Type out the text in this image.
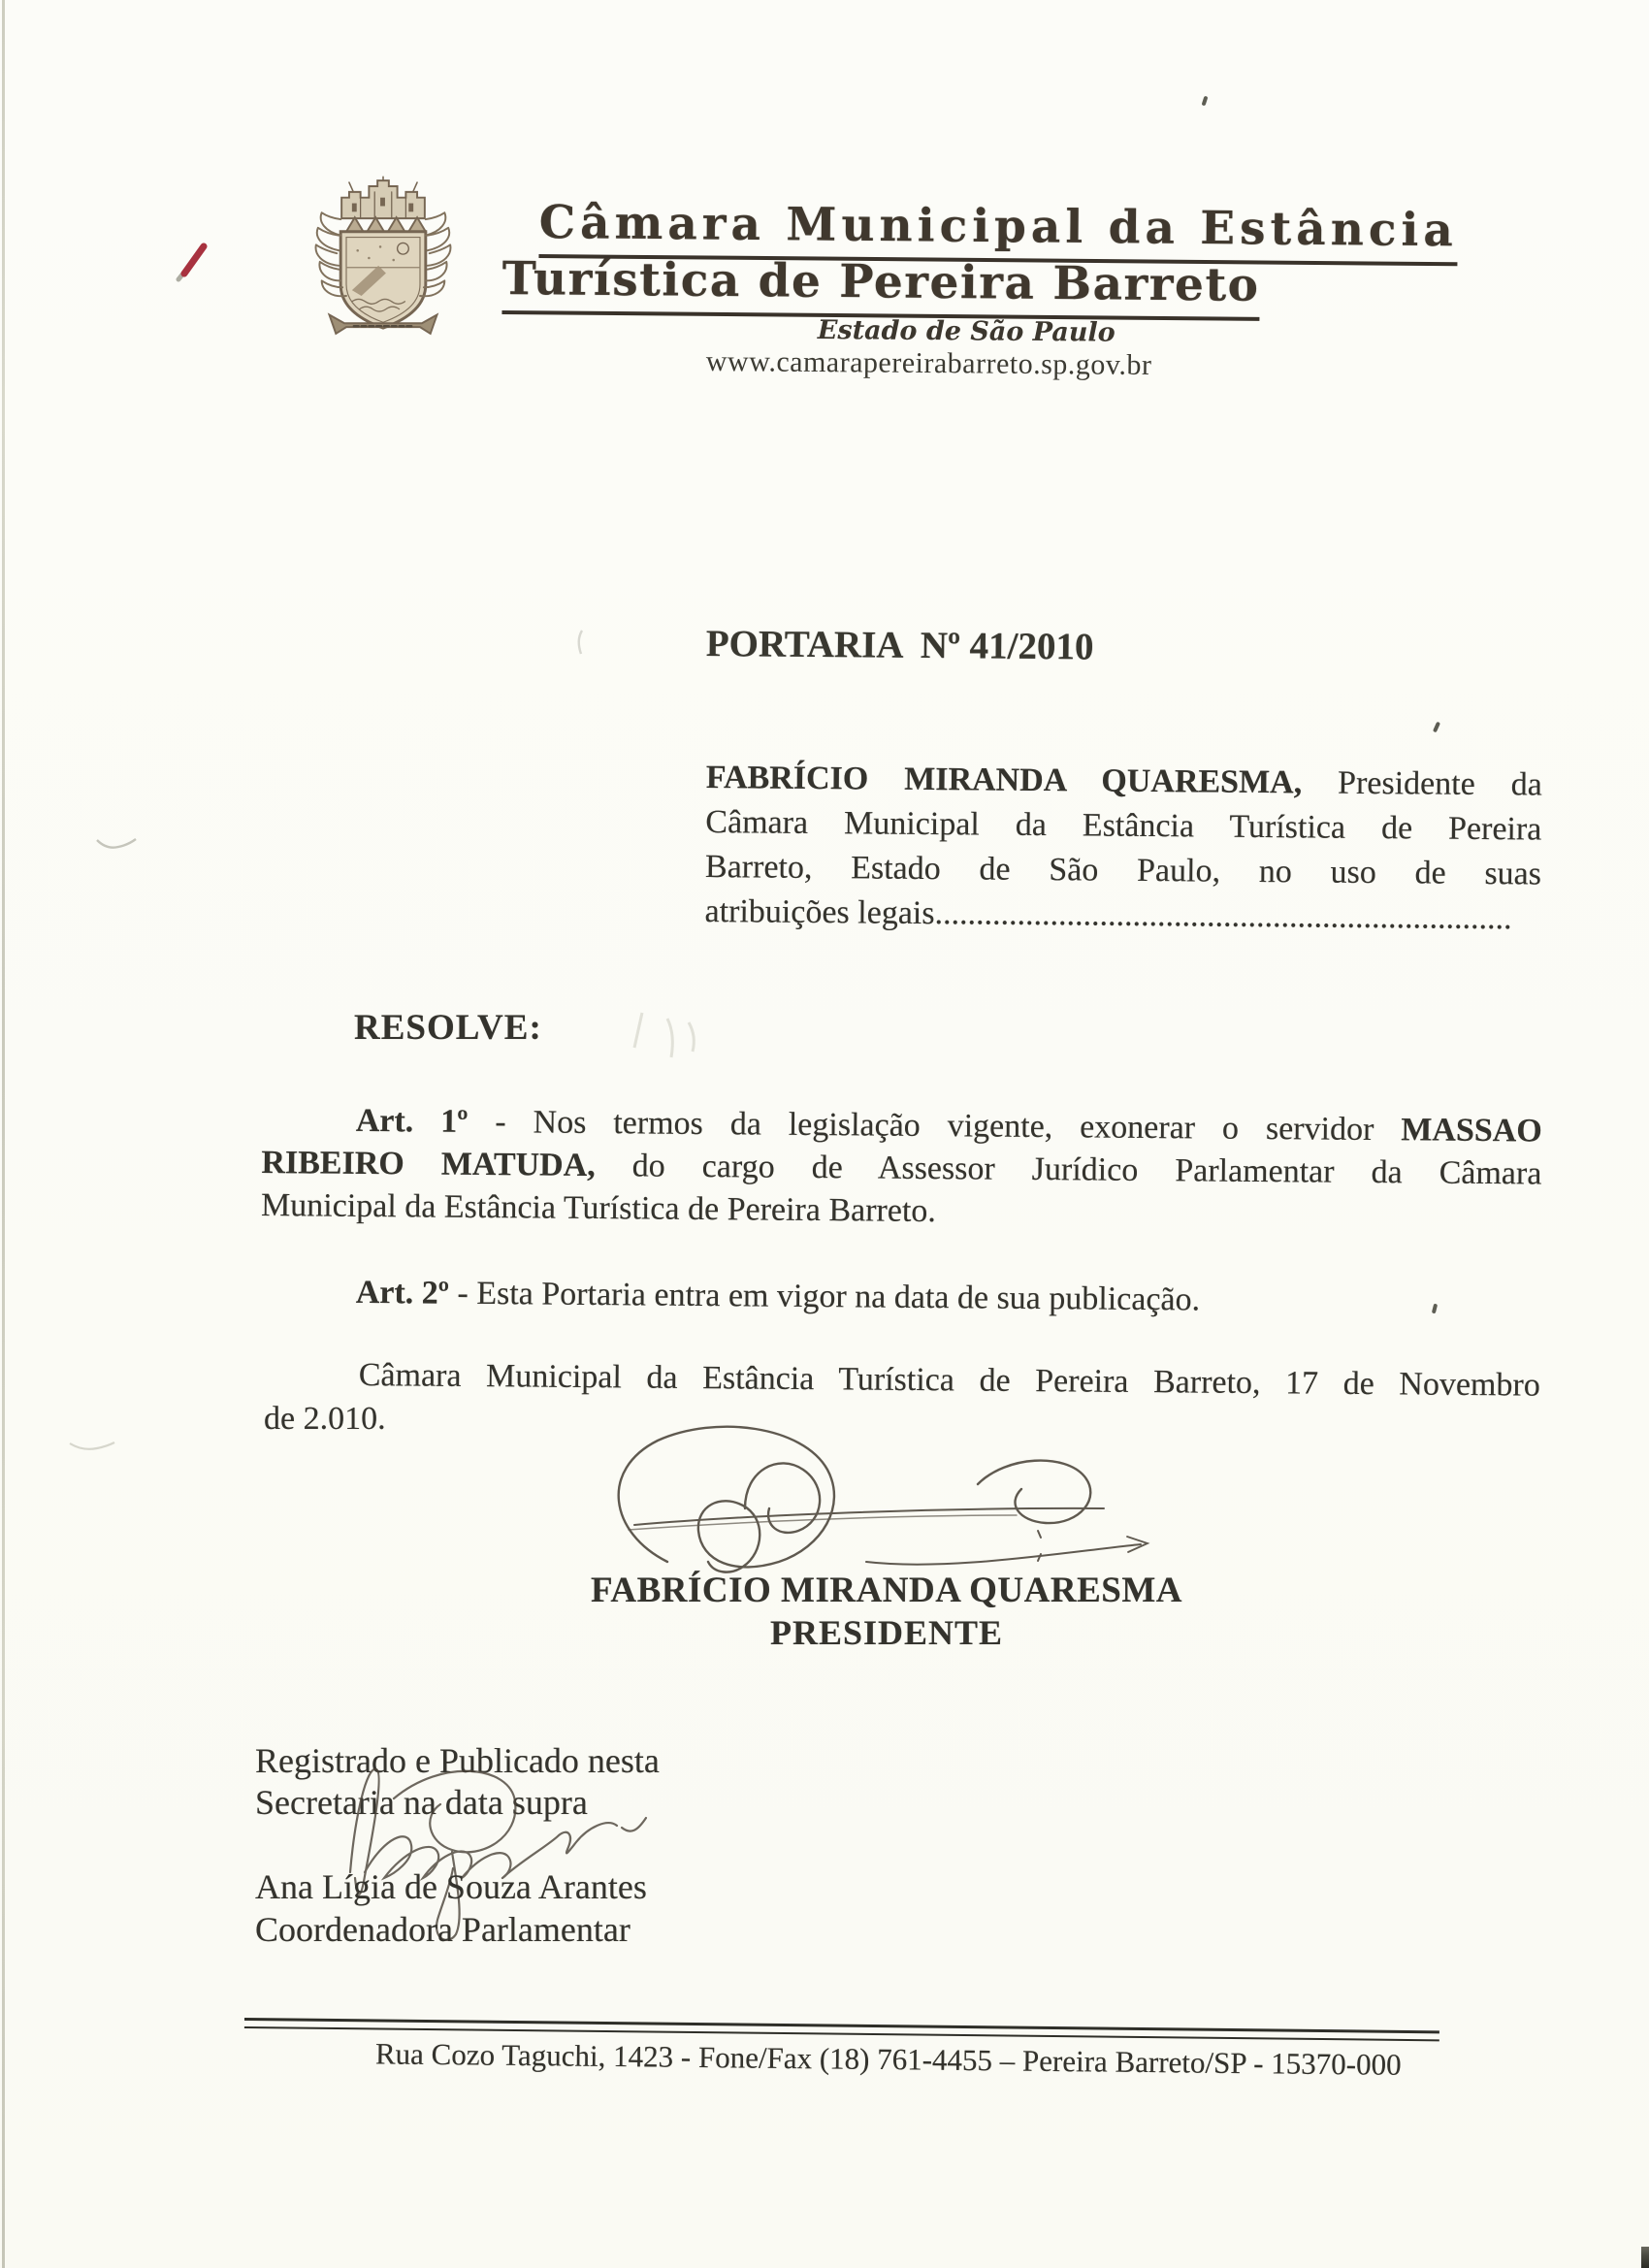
Câmara Municipal da Estância
Turística de Pereira Barreto
Estado de São Paulo
www.camarapereirabarreto.sp.gov.br
PORTARIA  Nº 41/2010
FABRÍCIO MIRANDA QUARESMA, Presidente da
Câmara Municipal da Estância Turística de Pereira
Barreto, Estado de São Paulo, no uso de suas
atribuições legais......................................................................
RESOLVE:
Art. 1º - Nos termos da legislação vigente, exonerar o servidor MASSAO
RIBEIRO MATUDA, do cargo de Assessor Jurídico Parlamentar da Câmara
Municipal da Estância Turística de Pereira Barreto.
Art. 2º - Esta Portaria entra em vigor na data de sua publicação.
Câmara Municipal da Estância Turística de Pereira Barreto, 17 de Novembro
de 2.010.
FABRÍCIO MIRANDA QUARESMA
PRESIDENTE
Registrado e Publicado nesta
Secretaria na data supra
Ana Lígia de Souza Arantes
Coordenadora Parlamentar
Rua Cozo Taguchi, 1423 - Fone/Fax (18) 761-4455 – Pereira Barreto/SP - 15370-000
